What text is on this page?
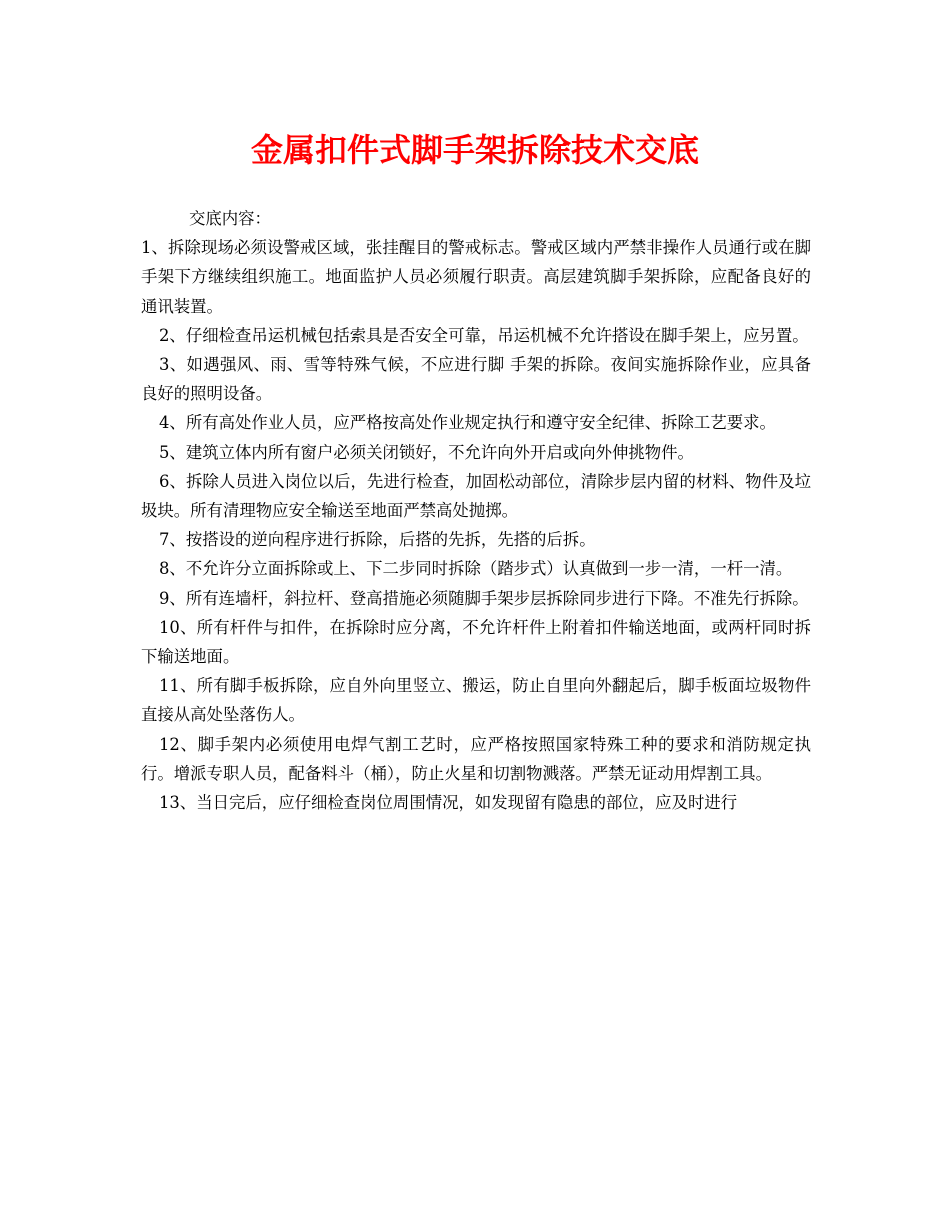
金属扣件式脚手架拆除技术交底

交底内容：

1、拆除现场必须设警戒区域，张挂醒目的警戒标志。警戒区域内严禁非操作人员通行或在脚 手架下方继续组织施工。地面监护人员必须履行职责。高层建筑脚手架拆除，应配备良好的通讯装置。

2、仔细检查吊运机械包括索具是否安全可靠，吊运机械不允许搭设在脚手架上，应另置。

3、如遇强风、雨、雪等特殊气候，不应进行脚 手架的拆除。夜间实施拆除作业，应具备良好的照明设备。

4、所有高处作业人员，应严格按高处作业规定执行和遵守安全纪律、拆除工艺要求。

5、建筑立体内所有窗户必须关闭锁好，不允许向外开启或向外伸挑物件。

6、拆除人员进入岗位以后，先进行检查，加固松动部位，清除步层内留的材料、物件及垃圾块。所有清理物应安全输送至地面严禁高处抛掷。

7、按搭设的逆向程序进行拆除，后搭的先拆，先搭的后拆。

8、不允许分立面拆除或上、下二步同时拆除（踏步式）认真做到一步一清，一杆一清。

9、所有连墙杆，斜拉杆、登高措施必须随脚手架步层拆除同步进行下降。不准先行拆除。

10、所有杆件与扣件，在拆除时应分离，不允许杆件上附着扣件输送地面，或两杆同时拆下输送地面。

11、所有脚手板拆除，应自外向里竖立、搬运，防止自里向外翻起后，脚手板面垃圾物件直接从高处坠落伤人。

12、脚手架内必须使用电焊气割工艺时，应严格按照国家特殊工种的要求和消防规定执行。增派专职人员，配备料斗（桶），防止火星和切割物溅落。严禁无证动用焊割工具。

13、当日完后，应仔细检查岗位周围情况，如发现留有隐患的部位，应及时进行
